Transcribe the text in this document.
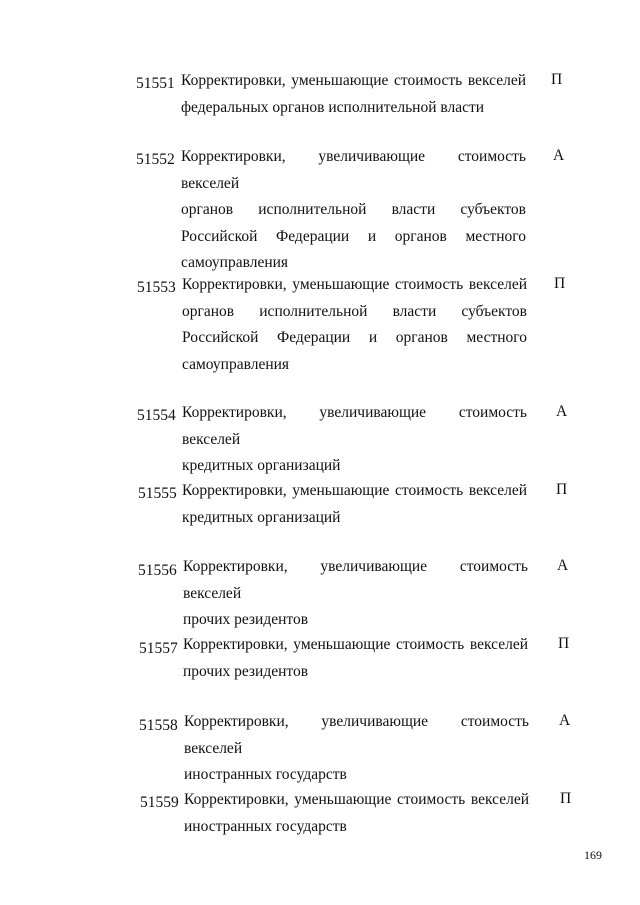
51551 Корректировки, уменьшающие стоимость векселей
федеральных органов исполнительной власти
П
51552 Корректировки, увеличивающие стоимость векселей
органов исполнительной власти субъектов
Российской Федерации и органов местного
самоуправления
А
51553 Корректировки, уменьшающие стоимость векселей
органов исполнительной власти субъектов
Российской Федерации и органов местного
самоуправления
П
51554 Корректировки, увеличивающие стоимость векселей
кредитных организаций
А
51555 Корректировки, уменьшающие стоимость векселей
кредитных организаций
П
51556 Корректировки, увеличивающие стоимость векселей
прочих резидентов
А
51557 Корректировки, уменьшающие стоимость векселей
прочих резидентов
П
51558 Корректировки, увеличивающие стоимость векселей
иностранных государств
А
51559 Корректировки, уменьшающие стоимость векселей
иностранных государств
П
169
